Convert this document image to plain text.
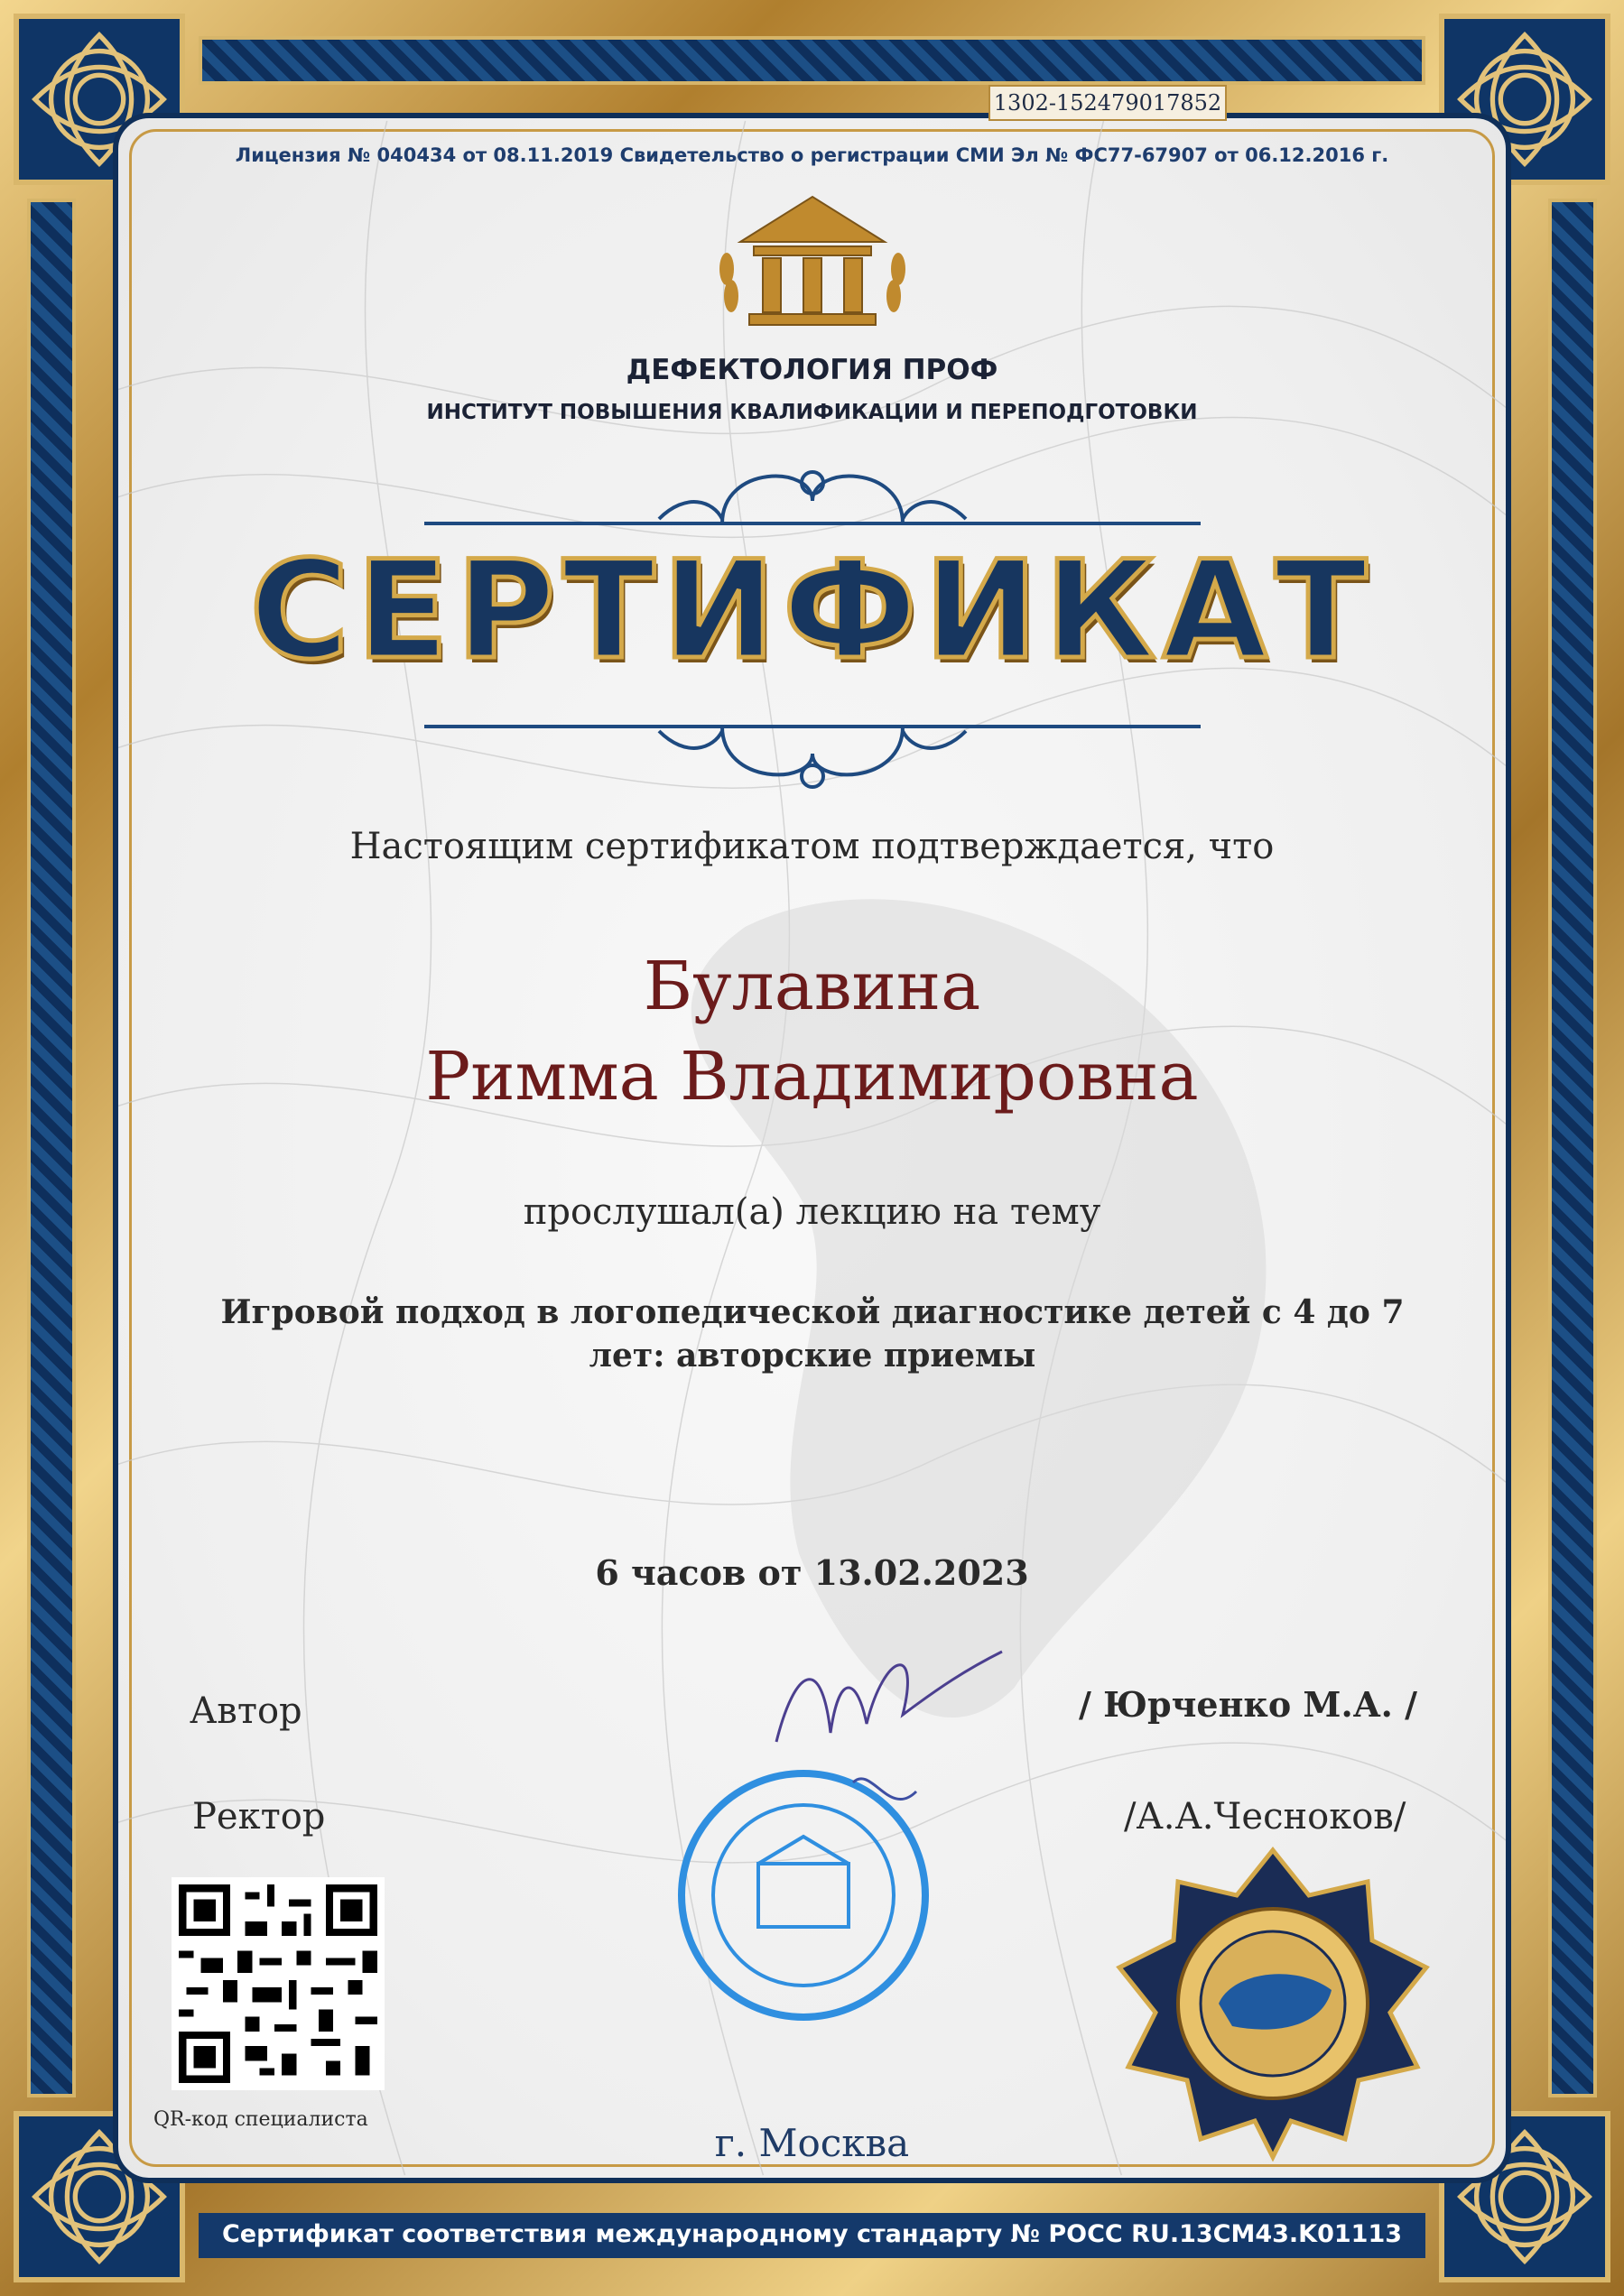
1302-152479017852
Лицензия № 040434 от 08.11.2019 Свидетельство о регистрации СМИ Эл № ФС77-67907 от 06.12.2016 г.
ДЕФЕКТОЛОГИЯ ПРОФ
ИНСТИТУТ ПОВЫШЕНИЯ КВАЛИФИКАЦИИ И ПЕРЕПОДГОТОВКИ
СЕРТИФИКАТ
Настоящим сертификатом подтверждается, что
Булавина
Римма Владимировна
прослушал(а) лекцию на тему
Игровой подход в логопедической диагностике детей с 4 до 7 лет: авторские приемы
6 часов от 13.02.2023
Автор
Ректор
/ Юрченко М.А. /
/А.А.Чесноков/
QR-код специалиста
г. Москва
Сертификат соответствия международному стандарту № РОСС RU.13CM43.K01113
